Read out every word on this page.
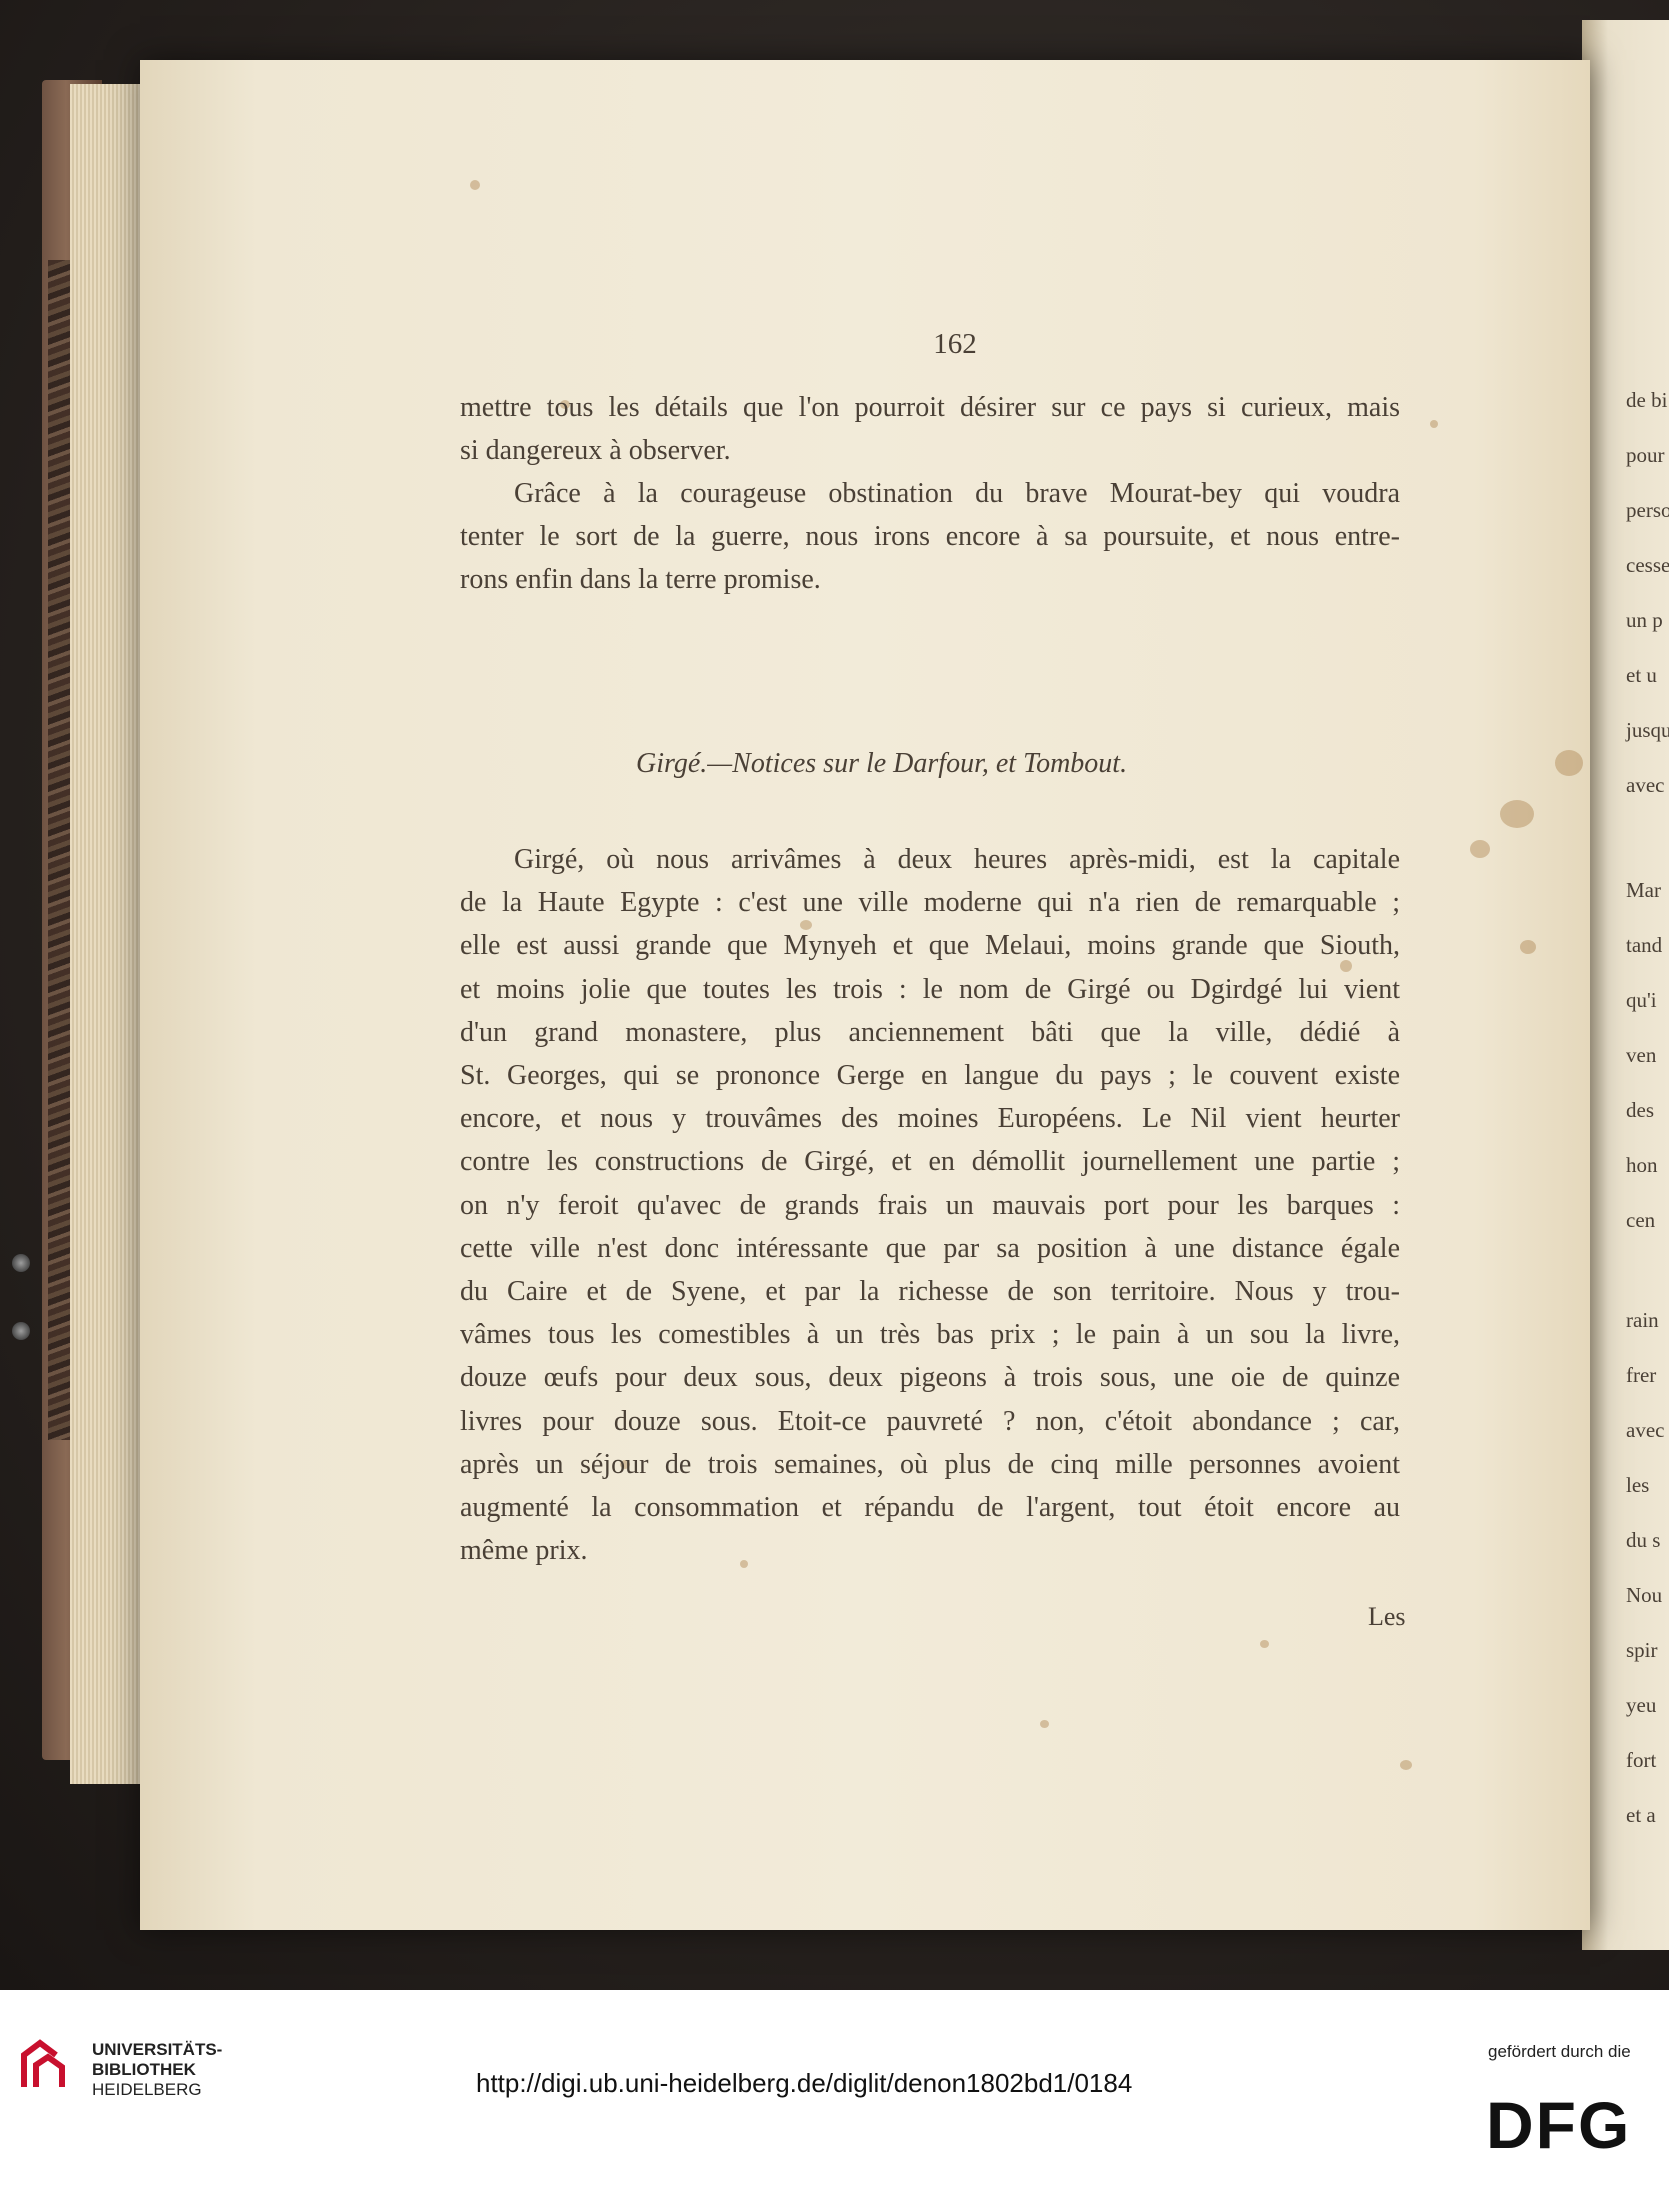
162
mettre tous les détails que l'on pourroit désirer sur ce pays si curieux, mais
si dangereux à observer.
Grâce à la courageuse obstination du brave Mourat-bey qui voudra
tenter le sort de la guerre, nous irons encore à sa poursuite, et nous entre-
rons enfin dans la terre promise.
Girgé.—Notices sur le Darfour, et Tombout.
Girgé, où nous arrivâmes à deux heures après-midi, est la capitale
de la Haute Egypte : c'est une ville moderne qui n'a rien de remarquable ;
elle est aussi grande que Mynyeh et que Melaui, moins grande que Siouth,
et moins jolie que toutes les trois : le nom de Girgé ou Dgirdgé lui vient
d'un grand monastere, plus anciennement bâti que la ville, dédié à
St. Georges, qui se prononce Gerge en langue du pays ; le couvent existe
encore, et nous y trouvâmes des moines Européens. Le Nil vient heurter
contre les constructions de Girgé, et en démollit journellement une partie ;
on n'y feroit qu'avec de grands frais un mauvais port pour les barques :
cette ville n'est donc intéressante que par sa position à une distance égale
du Caire et de Syene, et par la richesse de son territoire. Nous y trou-
vâmes tous les comestibles à un très bas prix ; le pain à un sou la livre,
douze œufs pour deux sous, deux pigeons à trois sous, une oie de quinze
livres pour douze sous. Etoit-ce pauvreté ? non, c'étoit abondance ; car,
après un séjour de trois semaines, où plus de cinq mille personnes avoient
augmenté la consommation et répandu de l'argent, tout étoit encore au
même prix.
Les
UNIVERSITÄTS-
BIBLIOTHEK
HEIDELBERG	http://digi.ub.uni-heidelberg.de/diglit/denon1802bd1/0184
gefördert durch die
DFG
